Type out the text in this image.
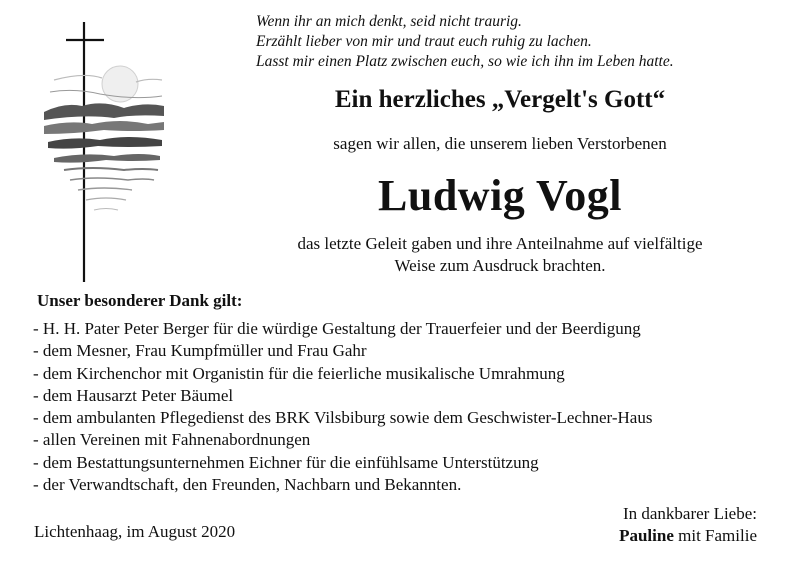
Wenn ihr an mich denkt, seid nicht traurig.
Erzählt lieber von mir und traut euch ruhig zu lachen.
Lasst mir einen Platz zwischen euch, so wie ich ihn im Leben hatte.
Ein herzliches „Vergelt's Gott“
sagen wir allen, die unserem lieben Verstorbenen
Ludwig Vogl
das letzte Geleit gaben und ihre Anteilnahme auf vielfältige
Weise zum Ausdruck brachten.
Unser besonderer Dank gilt:
- H. H. Pater Peter Berger für die würdige Gestaltung der Trauerfeier und der Beerdigung
- dem Mesner, Frau Kumpfmüller und Frau Gahr
- dem Kirchenchor mit Organistin für die feierliche musikalische Umrahmung
- dem Hausarzt Peter Bäumel
- dem ambulanten Pflegedienst des BRK Vilsbiburg sowie dem Geschwister-Lechner-Haus
- allen Vereinen mit Fahnenabordnungen
- dem Bestattungsunternehmen Eichner für die einfühlsame Unterstützung
- der Verwandtschaft, den Freunden, Nachbarn und Bekannten.
Lichtenhaag, im August 2020
In dankbarer Liebe:
Pauline mit Familie
